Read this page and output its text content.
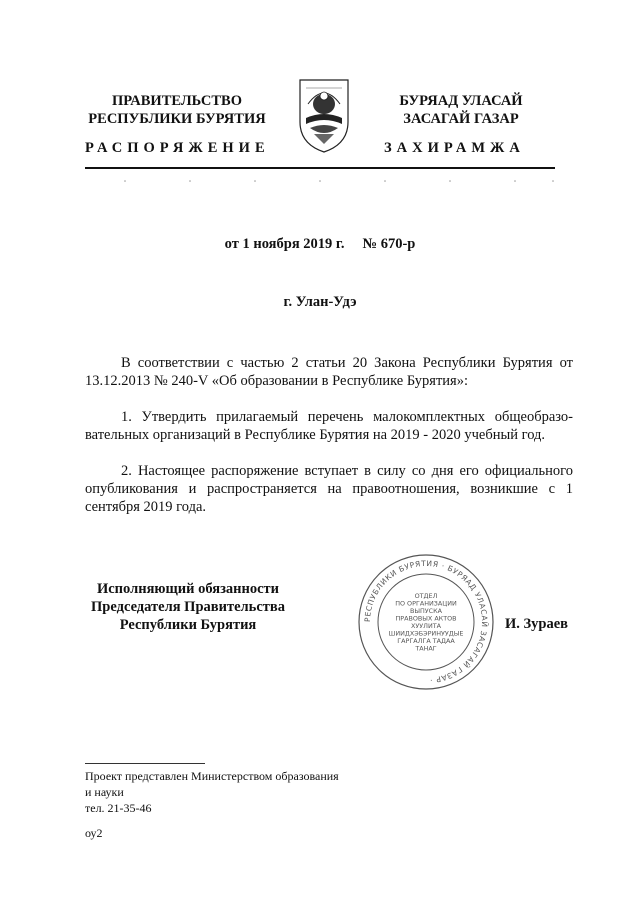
ПРАВИТЕЛЬСТВО
РЕСПУБЛИКИ БУРЯТИЯ
БУРЯАД УЛАСАЙ
ЗАСАГАЙ ГАЗАР
РАСПОРЯЖЕНИЕ	ЗАХИРАМЖА
от 1 ноября 2019 г. № 670-р
г. Улан-Удэ

В соответствии с частью 2 статьи 20 Закона Республики Бурятия от 13.12.2013 № 240-V «Об образовании в Республике Бурятия»:

1. Утвердить прилагаемый перечень малокомплектных общеобразо-вательных организаций в Республике Бурятия на 2019 - 2020 учебный год.

2. Настоящее распоряжение вступает в силу со дня его официального опубликования и распространяется на правоотношения, возникшие с 1 сентября 2019 года.

Исполняющий обязанности
Председателя Правительства
Республики Бурятия	РЕСПУБЛИКИ БУРЯТИЯ · БУРЯАД УЛАСАЙ ЗАСАГАЙ ГАЗАР ·
ОТДЕЛ
ПО ОРГАНИЗАЦИИ
ВЫПУСКА
ПРАВОВЫХ АКТОВ
ХУУЛИТА
ШИИДХЭБЭРИНУУДЫЕ
ГАРГАЛГА ТАДАА
ТАНАГ
И. Зураев
Проект представлен Министерством образования
и науки
тел. 21-35-46
оу2
